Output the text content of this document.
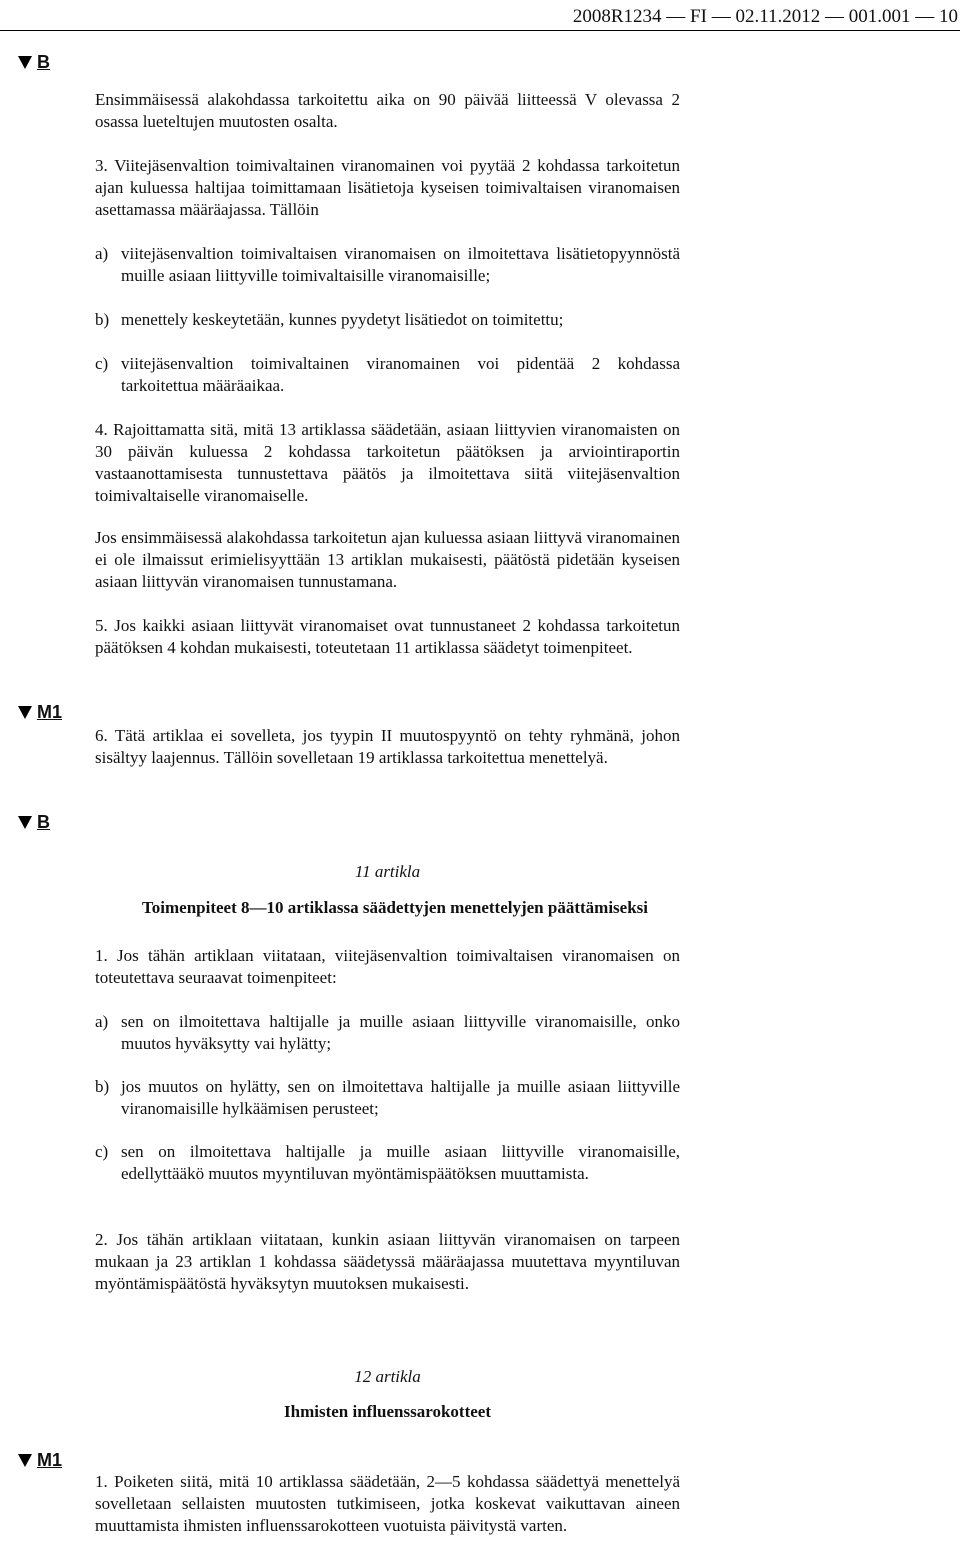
2008R1234 — FI — 02.11.2012 — 001.001 — 10
B
Ensimmäisessä alakohdassa tarkoitettu aika on 90 päivää liitteessä V olevassa 2 osassa lueteltujen muutosten osalta.
3. Viitejäsenvaltion toimivaltainen viranomainen voi pyytää 2 kohdassa tarkoitetun ajan kuluessa haltijaa toimittamaan lisätietoja kyseisen toimivaltaisen viranomaisen asettamassa määräajassa. Tällöin
a) viitejäsenvaltion toimivaltaisen viranomaisen on ilmoitettava lisätietopyynnöstä muille asiaan liittyville toimivaltaisille viranomaisille;
b) menettely keskeytetään, kunnes pyydetyt lisätiedot on toimitettu;
c) viitejäsenvaltion toimivaltainen viranomainen voi pidentää 2 kohdassa tarkoitettua määräaikaa.
4. Rajoittamatta sitä, mitä 13 artiklassa säädetään, asiaan liittyvien viranomaisten on 30 päivän kuluessa 2 kohdassa tarkoitetun päätöksen ja arviointiraportin vastaanottamisesta tunnustettava päätös ja ilmoitettava siitä viitejäsenvaltion toimivaltaiselle viranomaiselle.
Jos ensimmäisessä alakohdassa tarkoitetun ajan kuluessa asiaan liittyvä viranomainen ei ole ilmaissut erimielisyyttään 13 artiklan mukaisesti, päätöstä pidetään kyseisen asiaan liittyvän viranomaisen tunnustamana.
5. Jos kaikki asiaan liittyvät viranomaiset ovat tunnustaneet 2 kohdassa tarkoitetun päätöksen 4 kohdan mukaisesti, toteutetaan 11 artiklassa säädetyt toimenpiteet.
M1
6. Tätä artiklaa ei sovelleta, jos tyypin II muutospyyntö on tehty ryhmänä, johon sisältyy laajennus. Tällöin sovelletaan 19 artiklassa tarkoitettua menettelyä.
B
11 artikla
Toimenpiteet 8—10 artiklassa säädettyjen menettelyjen päättämiseksi
1. Jos tähän artiklaan viitataan, viitejäsenvaltion toimivaltaisen viranomaisen on toteutettava seuraavat toimenpiteet:
a) sen on ilmoitettava haltijalle ja muille asiaan liittyville viranomaisille, onko muutos hyväksytty vai hylätty;
b) jos muutos on hylätty, sen on ilmoitettava haltijalle ja muille asiaan liittyville viranomaisille hylkäämisen perusteet;
c) sen on ilmoitettava haltijalle ja muille asiaan liittyville viranomaisille, edellyttääkö muutos myyntiluvan myöntämispäätöksen muuttamista.
2. Jos tähän artiklaan viitataan, kunkin asiaan liittyvän viranomaisen on tarpeen mukaan ja 23 artiklan 1 kohdassa säädetyssä määräajassa muutettava myyntiluvan myöntämispäätöstä hyväksytyn muutoksen mukaisesti.
12 artikla
Ihmisten influenssarokotteet
M1
1. Poiketen siitä, mitä 10 artiklassa säädetään, 2—5 kohdassa säädettyä menettelyä sovelletaan sellaisten muutosten tutkimiseen, jotka koskevat vaikuttavan aineen muuttamista ihmisten influenssarokotteen vuotuista päivitystä varten.
